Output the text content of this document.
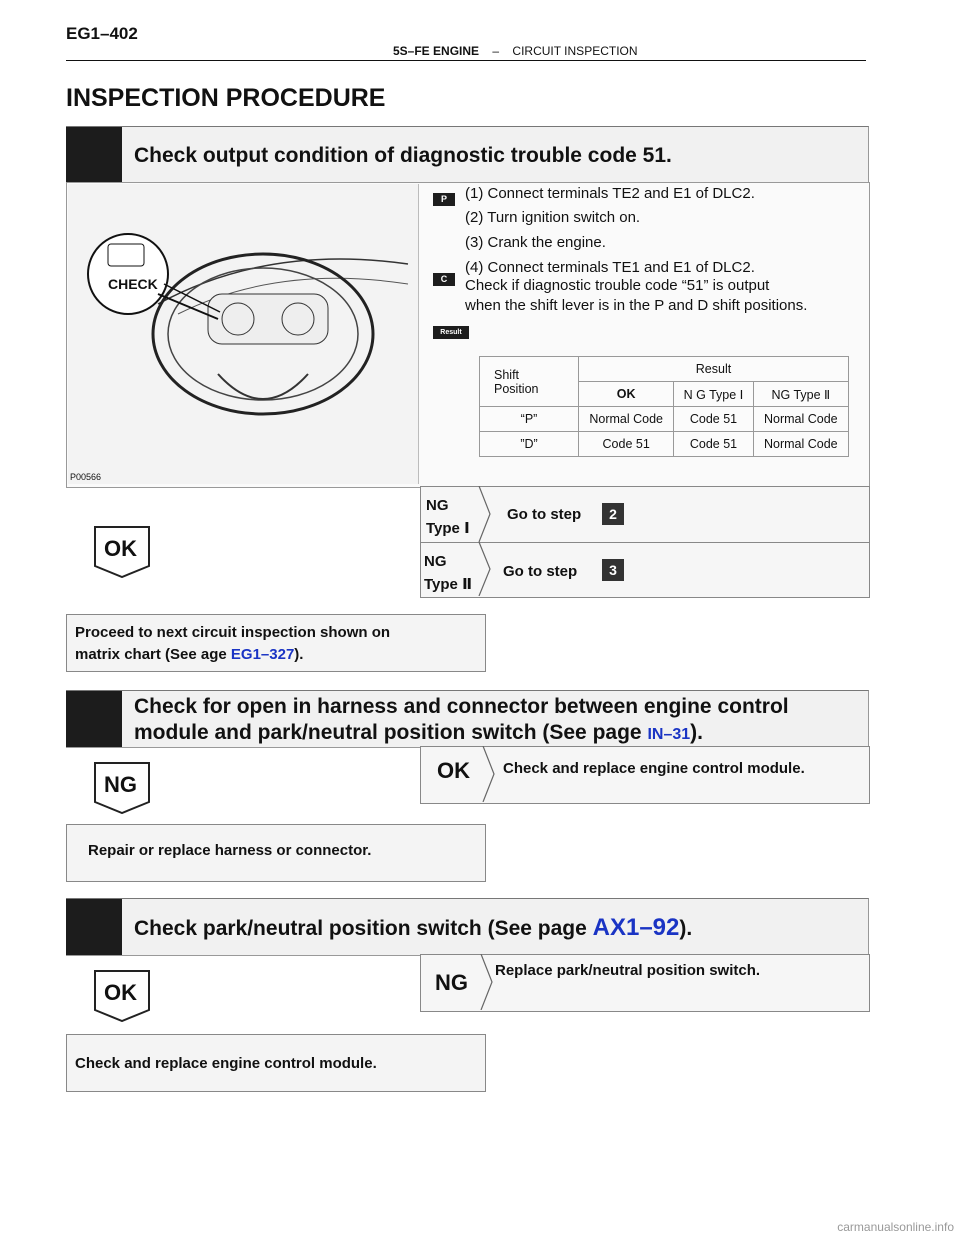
EG1–402
5S–FE ENGINE – CIRCUIT INSPECTION
INSPECTION PROCEDURE
Check output condition of diagnostic trouble code 51.
CHECK
P00566
P	(1) Connect terminals TE2 and E1 of DLC2.
(2) Turn ignition switch on.
(3) Crank the engine.
(4) Connect terminals TE1 and E1 of DLC2.
C	Check if diagnostic trouble code “51” is output
when the shift lever is in the P and D shift positions.
Result
Shift
Position	Result		
	OK	N G Type Ⅰ	NG Type Ⅱ
“P”	Normal Code	Code 51	Normal Code
”D”	Code 51	Code 51	Normal Code
NG
Type Ⅰ
Go to step	2
NG
Type Ⅱ
Go to step	3
OK
Proceed to next circuit inspection shown on
matrix chart (See age EG1–327).
Check for open in harness and connector between engine control
module and park/neutral position switch (See page IN–31).
OK Check and replace engine control module.
NG
Repair or replace harness or connector.
Check park/neutral position switch (See page AX1–92).
NG Replace park/neutral position switch.
OK
Check and replace engine control module.
carmanualsonline.info
